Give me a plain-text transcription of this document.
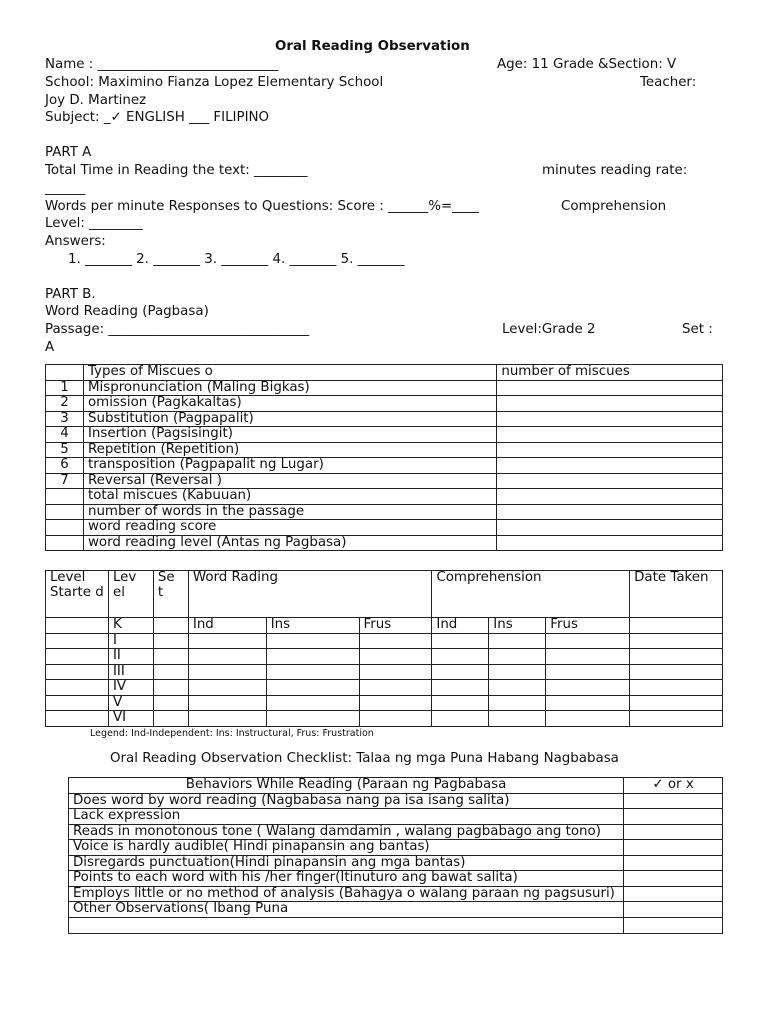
Oral Reading Observation
Name : ___________________________	Age: 11 Grade &Section: V
School: Maximino Fianza Lopez Elementary School	Teacher:
Joy D. Martinez
Subject: _✓ ENGLISH ___ FILIPINO
PART A
Total Time in Reading the text: ________	minutes reading rate:
______
Words per minute Responses to Questions: Score : ______%=____	Comprehension
Level: ________
Answers:
1. _______ 2. _______ 3. _______ 4. _______ 5. _______
PART B.
Word Reading (Pagbasa)
Passage: ______________________________	Level:Grade 2	Set :
A
	Types of Miscues o	number of miscues
1	Mispronunciation (Maling Bigkas)	
2	omission (Pagkakaltas)	
3	Substitution (Pagpapalit)	
4	Insertion (Pagsisingit)	
5	Repetition (Repetition)	
6	transposition (Pagpapalit ng Lugar)	
7	Reversal (Reversal )	
	total miscues (Kabuuan)	
	number of words in the passage	
	word reading score	
	word reading level (Antas ng Pagbasa)	
Level Starte d	Lev el	Se t	Word Rading			Comprehension			Date Taken
	K		Ind	Ins	Frus	Ind	Ins	Frus	
	I								
	II								
	III								
	IV								
	V								
	VI								
Legend: Ind-Independent: Ins: Instructural, Frus: Frustration
Oral Reading Observation Checklist: Talaa ng mga Puna Habang Nagbabasa
Behaviors While Reading (Paraan ng Pagbabasa	✓ or x
Does word by word reading (Nagbabasa nang pa isa isang salita)	
Lack expression	
Reads in monotonous tone ( Walang damdamin , walang pagbabago ang tono)	
Voice is hardly audible( Hindi pinapansin ang bantas)	
Disregards punctuation(Hindi pinapansin ang mga bantas)	
Points to each word with his /her finger(Itinuturo ang bawat salita)	
Employs little or no method of analysis (Bahagya o walang paraan ng pagsusuri)	
Other Observations( Ibang Puna	
